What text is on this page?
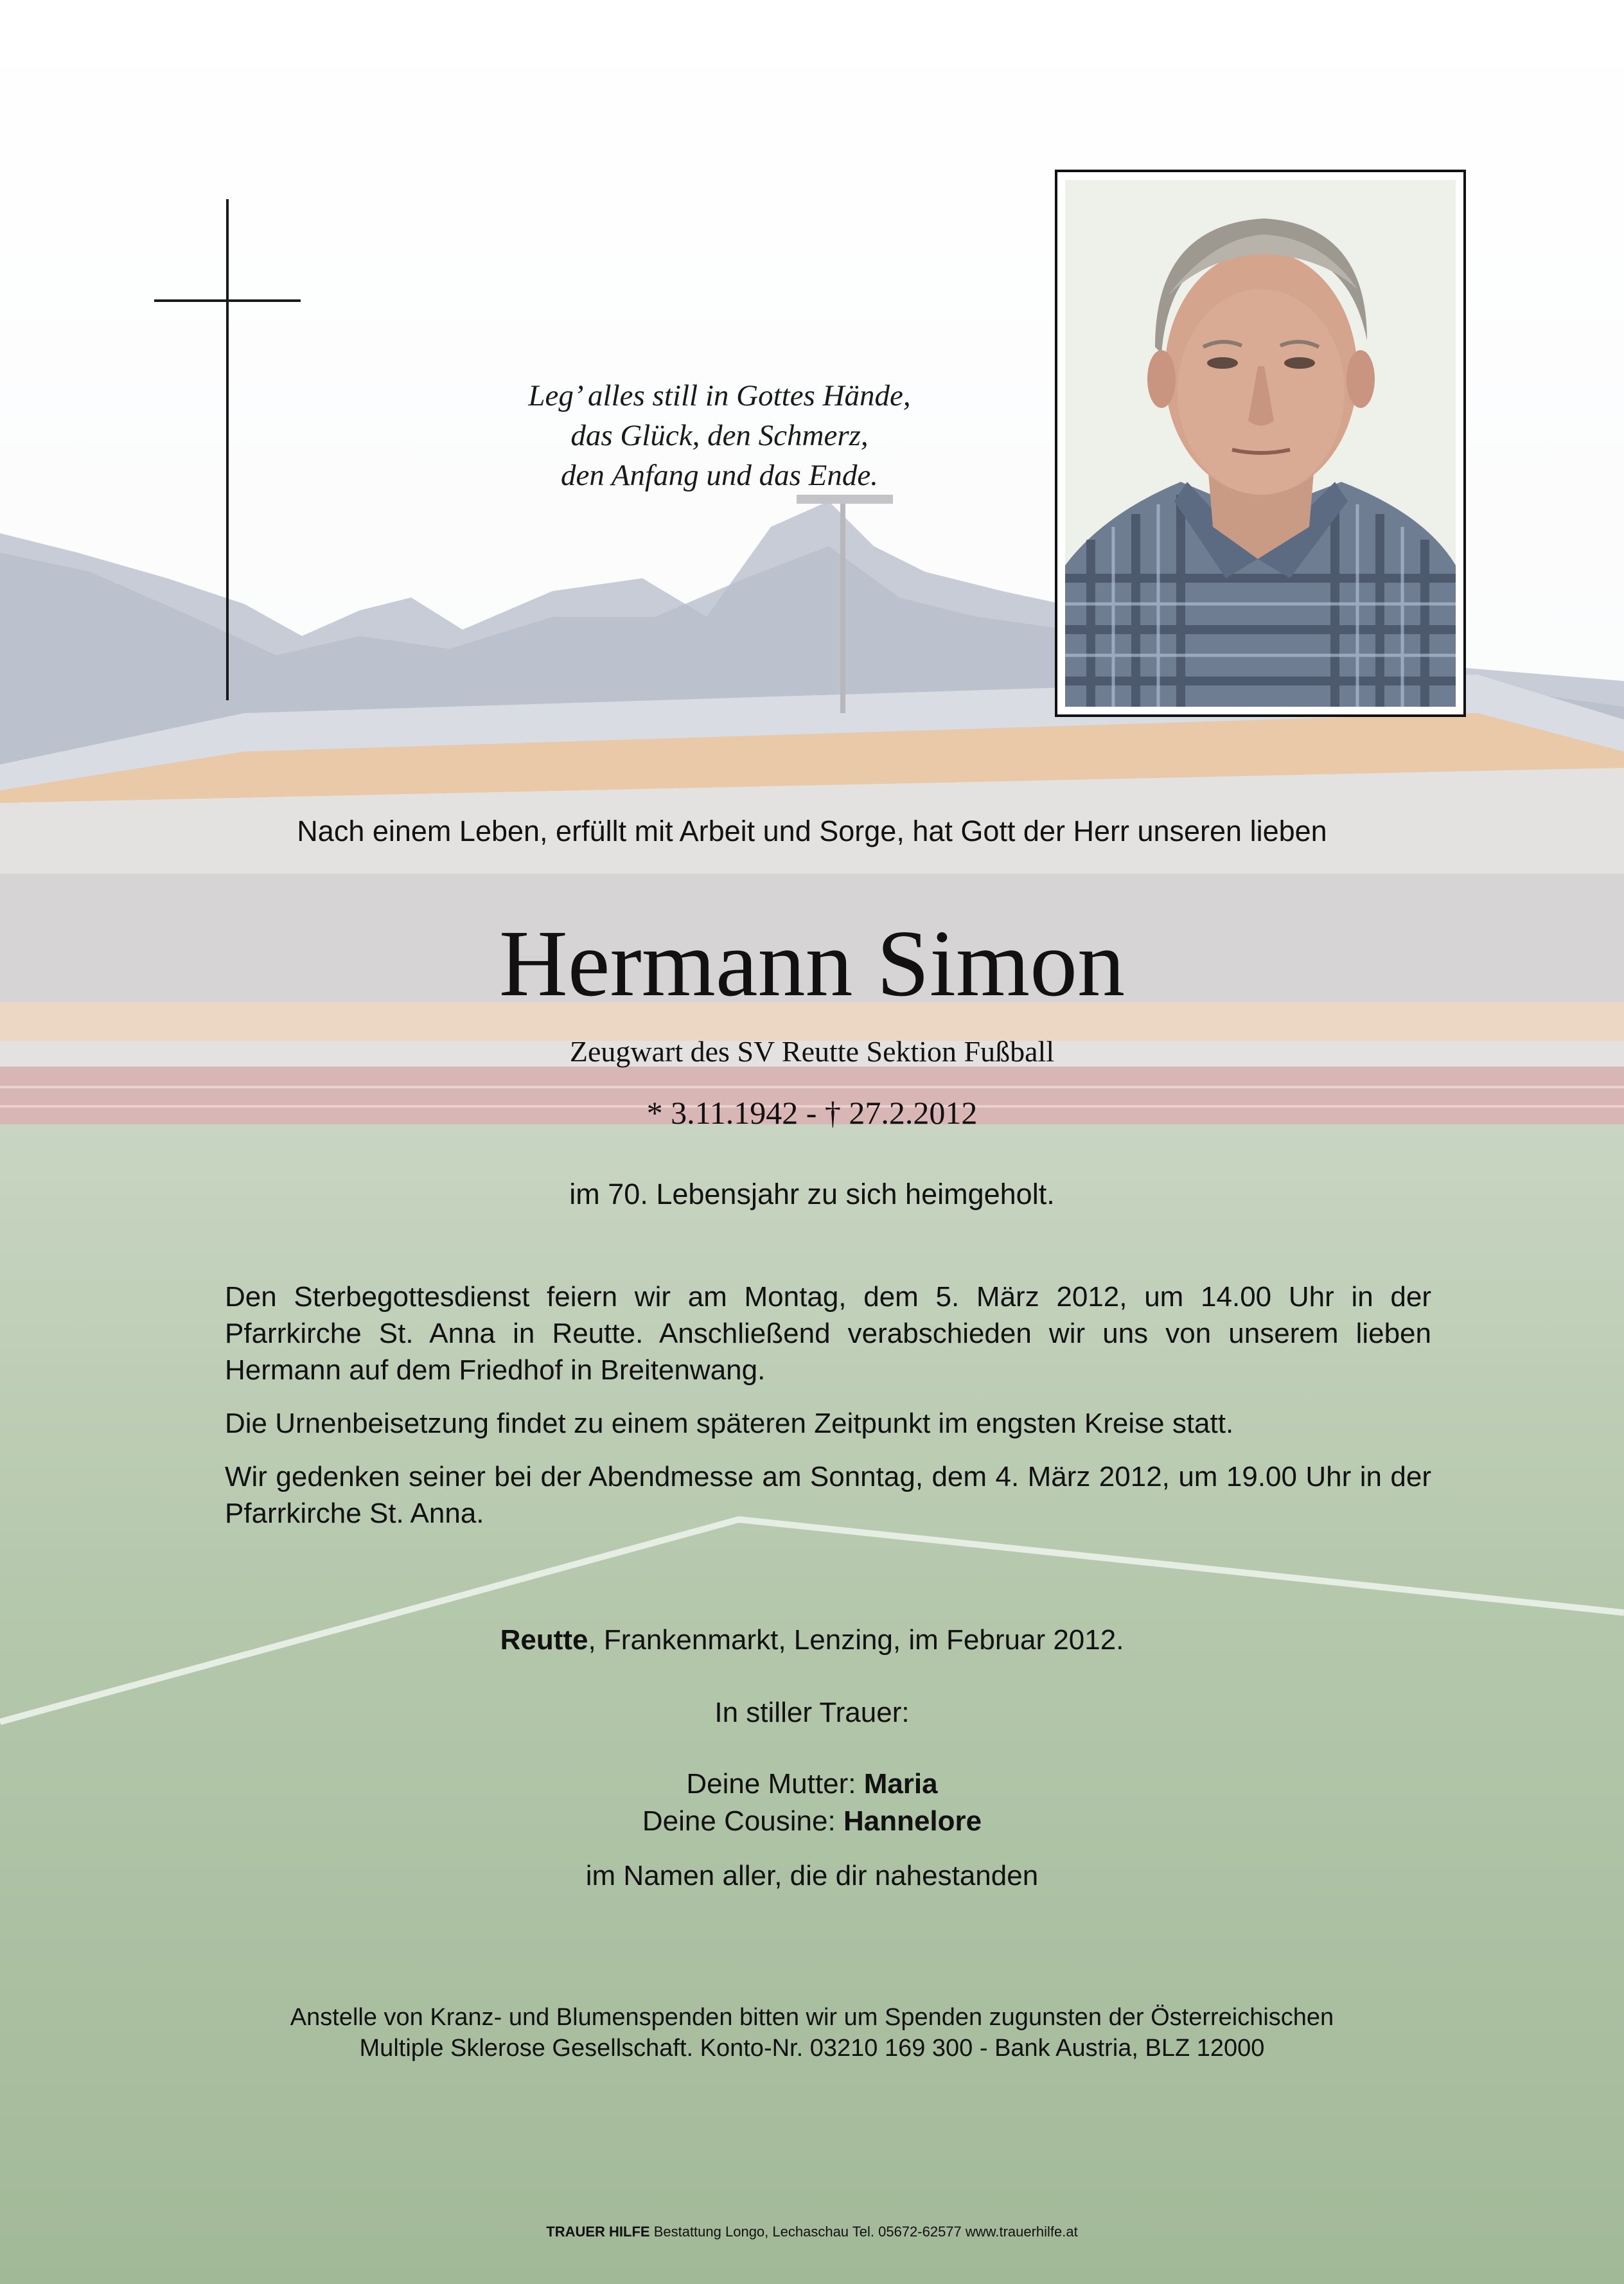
Leg’ alles still in Gottes Hände,
das Glück, den Schmerz,
den Anfang und das Ende.
Nach einem Leben, erfüllt mit Arbeit und Sorge, hat Gott der Herr unseren lieben
Hermann Simon
Zeugwart des SV Reutte Sektion Fußball
* 3.11.1942 - † 27.2.2012
im 70. Lebensjahr zu sich heimgeholt.

Den Sterbegottesdienst feiern wir am Montag, dem 5. März 2012, um 14.00 Uhr in der Pfarrkirche St. Anna in Reutte. Anschließend verabschieden wir uns von unserem lieben Hermann auf dem Friedhof in Breitenwang.

Die Urnenbeisetzung findet zu einem späteren Zeitpunkt im engsten Kreise statt.

Wir gedenken seiner bei der Abendmesse am Sonntag, dem 4. März 2012, um 19.00 Uhr in der Pfarrkirche St. Anna.

Reutte, Frankenmarkt, Lenzing, im Februar 2012.
In stiller Trauer:
Deine Mutter: Maria
Deine Cousine: Hannelore
im Namen aller, die dir nahestanden
Anstelle von Kranz- und Blumenspenden bitten wir um Spenden zugunsten der Österreichischen
Multiple Sklerose Gesellschaft. Konto-Nr. 03210 169 300 - Bank Austria, BLZ 12000
TRAUER HILFE Bestattung Longo, Lechaschau Tel. 05672-62577 www.trauerhilfe.at
